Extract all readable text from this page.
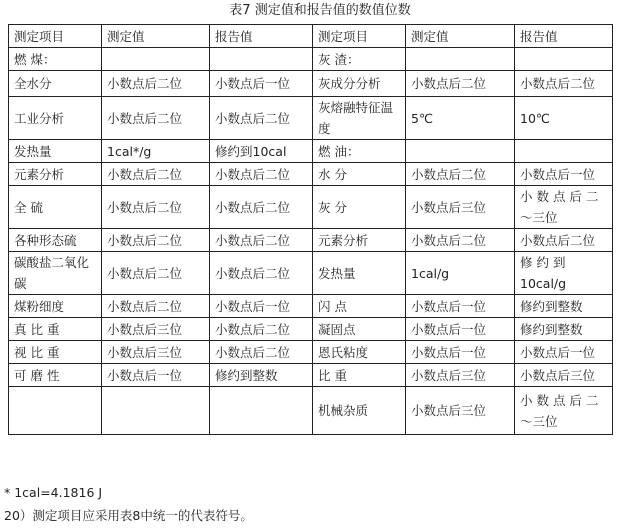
表7 测定值和报告值的数值位数
测定项目	测定值	报告值	测定项目	测定值	报告值
燃 煤：			灰 渣：		
全水分	小数点后二位	小数点后一位	灰成分分析	小数点后二位	小数点后二位
工业分析	小数点后二位	小数点后二位	灰熔融特征温度	5℃	10℃
发热量	1cal*/g	修约到10cal	燃 油：		
元素分析	小数点后二位	小数点后二位	水 分	小数点后二位	小数点后一位
全 硫	小数点后二位	小数点后二位	灰 分	小数点后三位	小 数 点 后 二～三位
各种形态硫	小数点后二位	小数点后二位	元素分析	小数点后二位	小数点后二位
碳酸盐二氧化碳	小数点后二位	小数点后二位	发热量	1cal/g	修 约 到 10cal/g
煤粉细度	小数点后二位	小数点后一位	闪 点	小数点后一位	修约到整数
真 比 重	小数点后三位	小数点后二位	凝固点	小数点后一位	修约到整数
视 比 重	小数点后三位	小数点后二位	恩氏粘度	小数点后一位	小数点后一位
可 磨 性	小数点后一位	修约到整数	比 重	小数点后三位	小数点后三位
			机械杂质	小数点后三位	小 数 点 后 二～三位
* 1cal=4.1816 J
20）测定项目应采用表8中统一的代表符号。
